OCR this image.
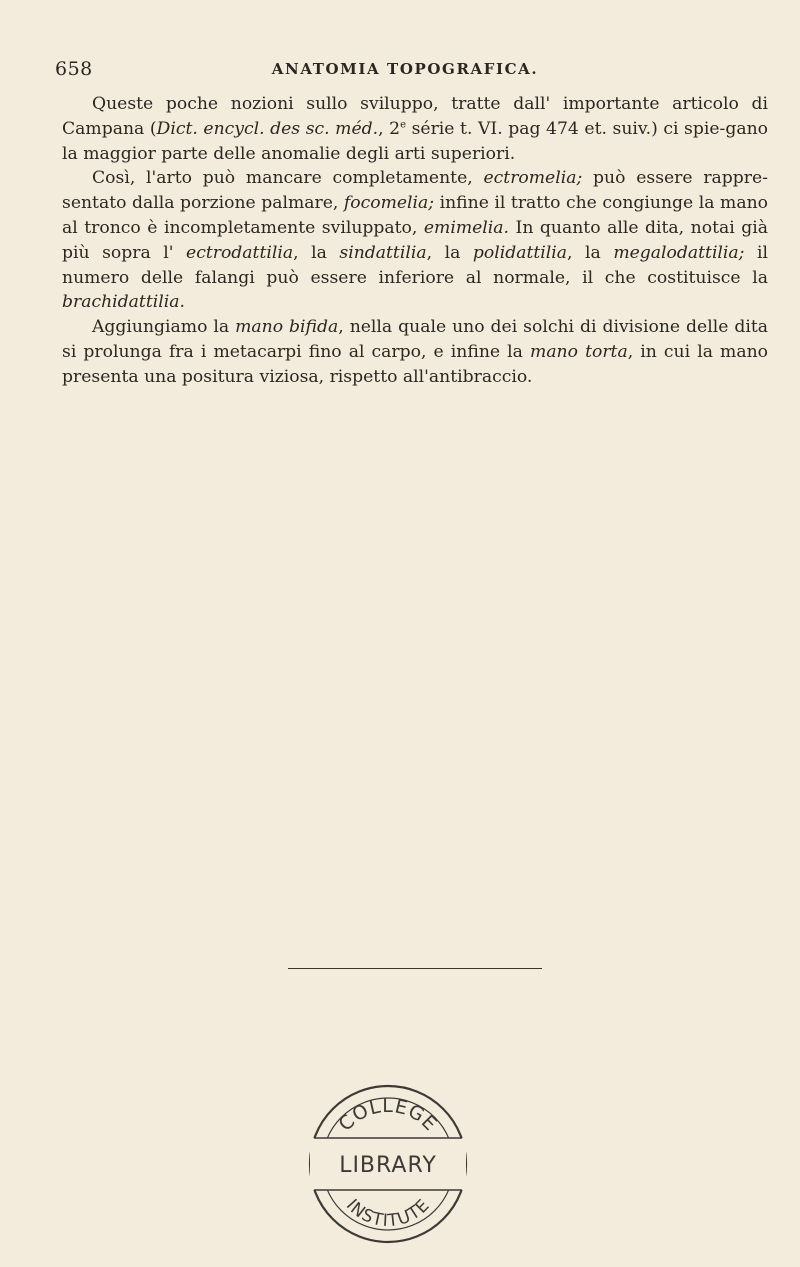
658	ANATOMIA TOPOGRAFICA.

Queste poche nozioni sullo sviluppo, tratte dall' importante articolo di Campana (Dict. encycl. des sc. méd., 2e série t. VI. pag 474 et. suiv.) ci spie-gano la maggior parte delle anomalie degli arti superiori.

Così, l'arto può mancare completamente, ectromelia; può essere rappre-sentato dalla porzione palmare, focomelia; infine il tratto che congiunge la mano al tronco è incompletamente sviluppato, emimelia. In quanto alle dita, notai già più sopra l' ectrodattilia, la sindattilia, la polidattilia, la megalodattilia; il numero delle falangi può essere inferiore al normale, il che costituisce la brachidattilia.

Aggiungiamo la mano bifida, nella quale uno dei solchi di divisione delle dita si prolunga fra i metacarpi fino al carpo, e infine la mano torta, in cui la mano presenta una positura viziosa, rispetto all'antibraccio.

COLLEGE
LIBRARY
INSTITUTE
